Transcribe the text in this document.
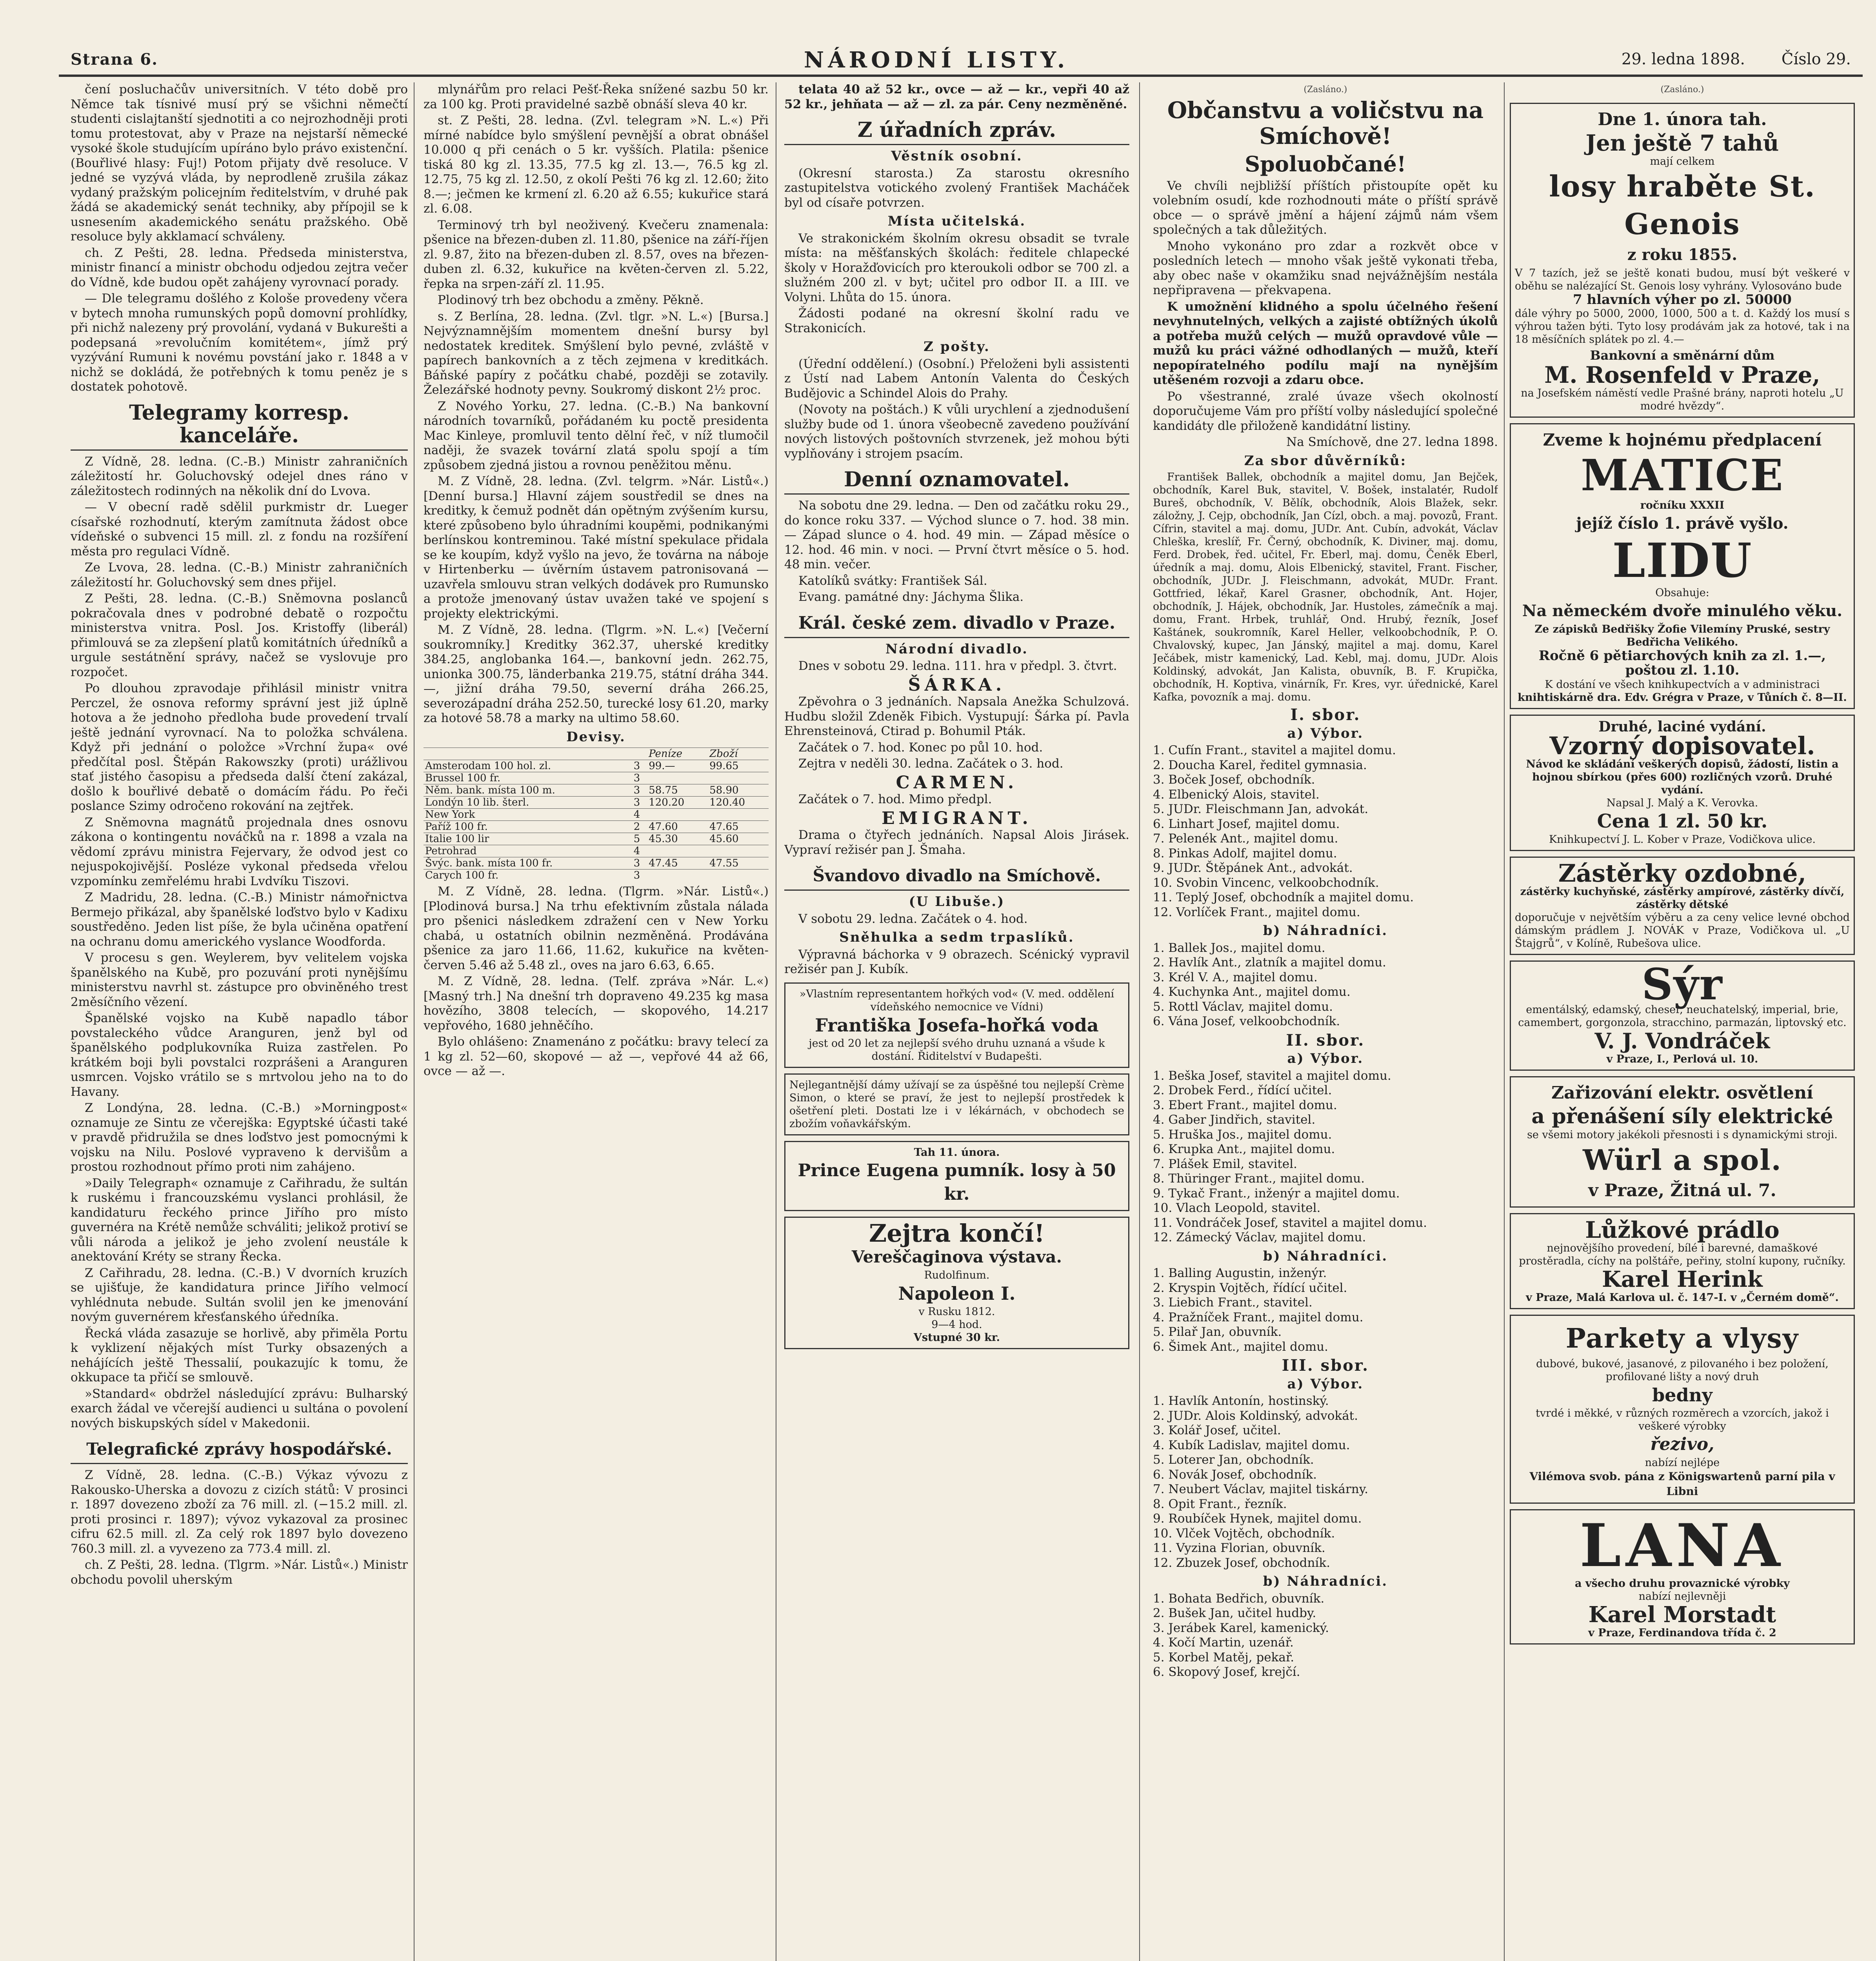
Strana 6.	NÁRODNÍ LISTY.	29. ledna 1898. Číslo 29.

čení posluchačův universitních. V této době pro Němce tak tísnivé musí prý se všichni němečtí studenti cislajtanští sjednotiti a co nejrozhodněji proti tomu protestovat, aby v Praze na nejstarší německé vysoké škole studujícím upíráno bylo právo existenční. (Bouřlivé hlasy: Fuj!) Potom přijaty dvě resoluce. V jedné se vyzývá vláda, by neprodleně zrušila zákaz vydaný pražským policejním ředitelstvím, v druhé pak žádá se akademický senát techniky, aby přípojil se k usnesením akademického senátu pražského. Obě resoluce byly akklamací schváleny.

ch. Z Pešti, 28. ledna. Předseda ministerstva, ministr financí a ministr obchodu odjedou zejtra večer do Vídně, kde budou opět zahájeny vyrovnací porady.

— Dle telegramu došlého z Kološe provedeny včera v bytech mnoha rumunských popů domovní prohlídky, při nichž nalezeny prý provolání, vydaná v Bukurešti a podepsaná »revolučním komitétem«, jímž prý vyzývání Rumuni k novému povstání jako r. 1848 a v nichž se dokládá, že potřebných k tomu peněz je s dostatek pohotově.

Telegramy korresp. kanceláře.

Z Vídně, 28. ledna. (C.-B.) Ministr zahraničních záležitostí hr. Goluchovský odejel dnes ráno v záležitostech rodinných na několik dní do Lvova.

— V obecní radě sdělil purkmistr dr. Lueger císařské rozhodnutí, kterým zamítnuta žádost obce vídeňské o subvenci 15 mill. zl. z fondu na rozšíření města pro regulaci Vídně.

Ze Lvova, 28. ledna. (C.-B.) Ministr zahraničních záležitostí hr. Goluchovský sem dnes přijel.

Z Pešti, 28. ledna. (C.-B.) Sněmovna poslanců pokračovala dnes v podrobné debatě o rozpočtu ministerstva vnitra. Posl. Jos. Kristoffy (liberál) přimlouvá se za zlepšení platů komitátních úředníků a urgule sestátnění správy, načež se vyslovuje pro rozpočet.

Po dlouhou zpravodaje přihlásil ministr vnitra Perczel, že osnova reformy správní jest již úplně hotova a že jednoho předloha bude provedení trvalí ještě jednání vyrovnací. Na to položka schválena. Když při jednání o položce »Vrchní župa« ové předčítal posl. Štěpán Rakowszky (proti) urážlivou stať jistého časopisu a předseda další čtení zakázal, došlo k bouřlivé debatě o domácím řádu. Po řeči poslance Szimy odročeno rokování na zejtřek.

Z Sněmovna magnátů projednala dnes osnovu zákona o kontingentu nováčků na r. 1898 a vzala na vědomí zprávu ministra Fejervary, že odvod jest co nejuspokojivější. Posléze vykonal předseda vřelou vzpomínku zemřelému hrabi Lvdvíku Tiszovi.

Z Madridu, 28. ledna. (C.-B.) Ministr námořnictva Bermejo přikázal, aby španělské loďstvo bylo v Kadixu soustředěno. Jeden list píše, že byla učiněna opatření na ochranu domu amerického vyslance Woodforda.

V procesu s gen. Weylerem, byv velitelem vojska španělského na Kubě, pro pozuvání proti nynějšímu ministerstvu navrhl st. zástupce pro obviněného trest 2měsíčního vězení.

Španělské vojsko na Kubě napadlo tábor povstaleckého vůdce Aranguren, jenž byl od španělského podplukovníka Ruiza zastřelen. Po krátkém boji byli povstalci rozprášeni a Aranguren usmrcen. Vojsko vrátilo se s mrtvolou jeho na to do Havany.

Z Londýna, 28. ledna. (C.-B.) »Morningpost« oznamuje ze Sintu ze včerejška: Egyptské účasti také v pravdě přidružila se dnes loďstvo jest pomocnými k vojsku na Nilu. Poslové vypraveno k dervišům a prostou rozhodnout přímo proti nim zahájeno.

»Daily Telegraph« oznamuje z Cařihradu, že sultán k ruskému i francouzskému vyslanci prohlásil, že kandidaturu řeckého prince Jiřího pro místo guvernéra na Krétě nemůže schváliti; jelikož protiví se vůli národa a jelikož je jeho zvolení neustále k anektování Kréty se strany Řecka.

Z Cařihradu, 28. ledna. (C.-B.) V dvorních kruzích se ujišťuje, že kandidatura prince Jiřího velmocí vyhlédnuta nebude. Sultán svolil jen ke jmenování novým guvernérem křesťanského úředníka.

Řecká vláda zasazuje se horlivě, aby přiměla Portu k vyklizení nějakých míst Turky obsazených a nehájících ještě Thessalií, poukazujíc k tomu, že okkupace ta přičí se smlouvě.

»Standard« obdržel následující zprávu: Bulharský exarch žádal ve včerejší audienci u sultána o povolení nových biskupských sídel v Makedonii.

Telegrafické zprávy hospodářské.

Z Vídně, 28. ledna. (C.-B.) Výkaz vývozu z Rakousko-Uherska a dovozu z cizích států: V prosinci r. 1897 dovezeno zboží za 76 mill. zl. (−15.2 mill. zl. proti prosinci r. 1897); vývoz vykazoval za prosinec cifru 62.5 mill. zl. Za celý rok 1897 bylo dovezeno 760.3 mill. zl. a vyvezeno za 773.4 mill. zl.

ch. Z Pešti, 28. ledna. (Tlgrm. »Nár. Listů«.) Ministr obchodu povolil uherským

mlynářům pro relaci Pešť-Řeka snížené sazbu 50 kr. za 100 kg. Proti pravidelné sazbě obnáší sleva 40 kr.

st. Z Pešti, 28. ledna. (Zvl. telegram »N. L.«) Při mírné nabídce bylo smýšlení pevnější a obrat obnášel 10.000 q při cenách o 5 kr. vyšších. Platila: pšenice tiská 80 kg zl. 13.35, 77.5 kg zl. 13.—, 76.5 kg zl. 12.75, 75 kg zl. 12.50, z okolí Pešti 76 kg zl. 12.60; žito 8.—; ječmen ke krmení zl. 6.20 až 6.55; kukuřice stará zl. 6.08.

Terminový trh byl neoživený. Kvečeru znamenala: pšenice na březen-duben zl. 11.80, pšenice na září-říjen zl. 9.87, žito na březen-duben zl. 8.57, oves na březen-duben zl. 6.32, kukuřice na květen-červen zl. 5.22, řepka na srpen-září zl. 11.95.

Plodinový trh bez obchodu a změny. Pěkně.

s. Z Berlína, 28. ledna. (Zvl. tlgr. »N. L.«) [Bursa.] Nejvýznamnějším momentem dnešní bursy byl nedostatek kreditek. Smýšlení bylo pevné, zvláště v papírech bankovních a z těch zejmena v kreditkách. Báňské papíry z počátku chabé, později se zotavily. Železářské hodnoty pevny. Soukromý diskont 2½ proc.

Z Nového Yorku, 27. ledna. (C.-B.) Na bankovní národních tovarníků, pořádaném ku poctě presidenta Mac Kinleye, promluvil tento dělní řeč, v níž tlumočil naději, že svazek tovární zlatá spolu spojí a tím způsobem zjedná jistou a rovnou peněžitou měnu.

M. Z Vídně, 28. ledna. (Zvl. telgrm. »Nár. Listů«.) [Denní bursa.] Hlavní zájem soustředil se dnes na kreditky, k čemuž podnět dán opětným zvýšením kursu, které způsobeno bylo úhradními koupěmi, podnikanými berlínskou kontreminou. Také místní spekulace přidala se ke koupím, když vyšlo na jevo, že továrna na náboje v Hirtenberku — úvěrním ústavem patronisovaná — uzavřela smlouvu stran velkých dodávek pro Rumunsko a protože jmenovaný ústav uvažen také ve spojení s projekty elektrickými.

M. Z Vídně, 28. ledna. (Tlgrm. »N. L.«) [Večerní soukromníky.] Kreditky 362.37, uherské kreditky 384.25, anglobanka 164.—, bankovní jedn. 262.75, unionka 300.75, länderbanka 219.75, státní dráha 344.—, jižní dráha 79.50, severní dráha 266.25, severozápadní dráha 252.50, turecké losy 61.20, marky za hotové 58.78 a marky na ultimo 58.60.

Devisy.
		Peníze	Zboží
Amsterodam 100 hol. zl.	3	99.—	99.65
Brussel 100 fr.	3		
Něm. bank. místa 100 m.	3	58.75	58.90
Londýn 10 lib. šterl.	3	120.20	120.40
New York	4		
Paříž 100 fr.	2	47.60	47.65
Italie 100 lir	5	45.30	45.60
Petrohrad	4		
Švýc. bank. místa 100 fr.	3	47.45	47.55
Carych 100 fr.	3		

M. Z Vídně, 28. ledna. (Tlgrm. »Nár. Listů«.) [Plodinová bursa.] Na trhu efektivním zůstala nálada pro pšenici následkem zdražení cen v New Yorku chabá, u ostatních obilnin nezměněná. Prodávána pšenice za jaro 11.66, 11.62, kukuřice na květen-červen 5.46 až 5.48 zl., oves na jaro 6.63, 6.65.

M. Z Vídně, 28. ledna. (Telf. zpráva »Nár. L.«) [Masný trh.] Na dnešní trh dopraveno 49.235 kg masa hovězího, 3808 telecích, — skopového, 14.217 vepřového, 1680 jehněčího.

Bylo ohlášeno: Znamenáno z počátku: bravy telecí za 1 kg zl. 52—60, skopové — až —, vepřové 44 až 66, ovce — až —.

telata 40 až 52 kr., ovce — až — kr., vepři 40 až 52 kr., jehňata — až — zl. za pár. Ceny nezměněné.

Z úřadních zpráv.
Věstník osobní.

(Okresní starosta.) Za starostu okresního zastupitelstva votického zvolený František Macháček byl od císaře potvrzen.

Místa učitelská.

Ve strakonickém školním okresu obsadit se tvrale místa: na měšťanských školách: ředitele chlapecké školy v Horažďovicích pro kteroukoli odbor se 700 zl. a služném 200 zl. v byt; učitel pro odbor II. a III. ve Volyni. Lhůta do 15. února.

Žádosti podané na okresní školní radu ve Strakonicích.

Z pošty.

(Úřední oddělení.) (Osobní.) Přeloženi byli assistenti z Ústí nad Labem Antonín Valenta do Českých Budějovic a Schindel Alois do Prahy.

(Novoty na poštách.) K vůli urychlení a zjednodušení služby bude od 1. února všeobecně zavedeno používání nových listových poštovních stvrzenek, jež mohou býti vyplňovány i strojem psacím.

Denní oznamovatel.

Na sobotu dne 29. ledna. — Den od začátku roku 29., do konce roku 337. — Východ slunce o 7. hod. 38 min. — Západ slunce o 4. hod. 49 min. — Západ měsíce o 12. hod. 46 min. v noci. — První čtvrt měsíce o 5. hod. 48 min. večer.

Katolíků svátky: František Sál.

Evang. památné dny: Jáchyma Šlika.

Král. české zem. divadlo v Praze.
Národní divadlo.

Dnes v sobotu 29. ledna. 111. hra v předpl. 3. čtvrt.

ŠÁRKA.

Zpěvohra o 3 jednáních. Napsala Anežka Schulzová. Hudbu složil Zdeněk Fibich. Vystupují: Šárka pí. Pavla Ehrensteinová, Ctirad p. Bohumil Pták.

Začátek o 7. hod. Konec po půl 10. hod.

Zejtra v neděli 30. ledna. Začátek o 3. hod.

CARMEN.

Začátek o 7. hod. Mimo předpl.

EMIGRANT.

Drama o čtyřech jednáních. Napsal Alois Jirásek. Vypraví režisér pan J. Šmaha.

Švandovo divadlo na Smíchově.
(U Libuše.)

V sobotu 29. ledna. Začátek o 4. hod.

Sněhulka a sedm trpaslíků.

Výpravná báchorka v 9 obrazech. Scénický vypravil režisér pan J. Kubík.

»Vlastním representantem hořkých vod« (V. med. oddělení vídeňského nemocnice ve Vídni)
Františka Josefa-hořká voda
jest od 20 let za nejlepší svého druhu uznaná a všude k dostání. Řiditelství v Budapešti.
Nejlegantnější dámy užívají se za úspěšné tou nejlepší Crème Simon, o které se praví, že jest to nejlepší prostředek k ošetření pleti. Dostati lze i v lékárnách, v obchodech se zbožím voňavkářským.
Tah 11. února.
Prince Eugena pumník. losy à 50 kr.
Zejtra končí!
Vereščaginova výstava.
Rudolfinum.
Napoleon I.
v Rusku 1812.
9—4 hod.
Vstupné 30 kr.
(Zasláno.)
Občanstvu a voličstvu na Smíchově!
Spoluobčané!

Ve chvíli nejbližší příštích přistoupíte opět ku volebním osudí, kde rozhodnouti máte o příští správě obce — o správě jmění a hájení zájmů nám všem společných a tak důležitých.

Mnoho vykonáno pro zdar a rozkvět obce v posledních letech — mnoho však ještě vykonati třeba, aby obec naše v okamžiku snad nejvážnějším nestála nepřipravena — překvapena.

K umožnění klidného a spolu účelného řešení nevyhnutelných, velkých a zajisté obtížných úkolů a potřeba mužů celých — mužů opravdové vůle — mužů ku práci vážné odhodlaných — mužů, kteří nepopíratelného podílu mají na nynějším utěšeném rozvoji a zdaru obce.

Po všestranné, zralé úvaze všech okolností doporučujeme Vám pro příští volby následující společné kandidáty dle přiloženě kandidátní listiny.

Na Smíchově, dne 27. ledna 1898.

Za sbor důvěrníků:

František Ballek, obchodník a majitel domu, Jan Bejček, obchodník, Karel Buk, stavitel, V. Bošek, instalatér, Rudolf Bureš, obchodník, V. Bělík, obchodník, Alois Blažek, sekr. záložny, J. Cejp, obchodník, Jan Cízl, obch. a maj. povozů, Frant. Cífrin, stavitel a maj. domu, JUDr. Ant. Cubín, advokát, Václav Chleška, kreslíř, Fr. Černý, obchodník, K. Diviner, maj. domu, Ferd. Drobek, řed. učitel, Fr. Eberl, maj. domu, Čeněk Eberl, úředník a maj. domu, Alois Elbenický, stavitel, Frant. Fischer, obchodník, JUDr. J. Fleischmann, advokát, MUDr. Frant. Gottfried, lékař, Karel Grasner, obchodník, Ant. Hojer, obchodník, J. Hájek, obchodník, Jar. Hustoles, zámečník a maj. domu, Frant. Hrbek, truhlář, Ond. Hrubý, řezník, Josef Kaštánek, soukromník, Karel Heller, velkoobchodník, P. O. Chvalovský, kupec, Jan Jánský, majitel a maj. domu, Karel Ječábek, mistr kamenický, Lad. Kebl, maj. domu, JUDr. Alois Koldinský, advokát, Jan Kalista, obuvník, B. F. Krupička, obchodník, H. Koptiva, vinárník, Fr. Kres, vyr. úřednické, Karel Kafka, povozník a maj. domu.

I. sbor.
a) Výbor.
1. Cufín Frant., stavitel a majitel domu.
2. Doucha Karel, ředitel gymnasia.
3. Boček Josef, obchodník.
4. Elbenický Alois, stavitel.
5. JUDr. Fleischmann Jan, advokát.
6. Linhart Josef, majitel domu.
7. Pelenék Ant., majitel domu.
8. Pinkas Adolf, majitel domu.
9. JUDr. Štěpánek Ant., advokát.
10. Svobin Vincenc, velkoobchodník.
11. Teplý Josef, obchodník a majitel domu.
12. Vorlíček Frant., majitel domu.
b) Náhradníci.
1. Ballek Jos., majitel domu.
2. Havlík Ant., zlatník a majitel domu.
3. Krél V. A., majitel domu.
4. Kuchynka Ant., majitel domu.
5. Rottl Václav, majitel domu.
6. Vána Josef, velkoobchodník.
II. sbor.
a) Výbor.
1. Beška Josef, stavitel a majitel domu.
2. Drobek Ferd., řídící učitel.
3. Ebert Frant., majitel domu.
4. Gaber Jindřich, stavitel.
5. Hruška Jos., majitel domu.
6. Krupka Ant., majitel domu.
7. Plášek Emil, stavitel.
8. Thüringer Frant., majitel domu.
9. Tykač Frant., inženýr a majitel domu.
10. Vlach Leopold, stavitel.
11. Vondráček Josef, stavitel a majitel domu.
12. Zámecký Václav, majitel domu.
b) Náhradníci.
1. Balling Augustin, inženýr.
2. Kryspin Vojtěch, řídící učitel.
3. Liebich Frant., stavitel.
4. Pražníček Frant., majitel domu.
5. Pilař Jan, obuvník.
6. Šimek Ant., majitel domu.
III. sbor.
a) Výbor.
1. Havlík Antonín, hostinský.
2. JUDr. Alois Koldinský, advokát.
3. Kolář Josef, učitel.
4. Kubík Ladislav, majitel domu.
5. Loterer Jan, obchodník.
6. Novák Josef, obchodník.
7. Neubert Václav, majitel tiskárny.
8. Opit Frant., řezník.
9. Roubíček Hynek, majitel domu.
10. Vlček Vojtěch, obchodník.
11. Vyzina Florian, obuvník.
12. Zbuzek Josef, obchodník.
b) Náhradníci.
1. Bohata Bedřich, obuvník.
2. Bušek Jan, učitel hudby.
3. Jerábek Karel, kamenický.
4. Kočí Martin, uzenář.
5. Korbel Matěj, pekař.
6. Skopový Josef, krejčí.
(Zasláno.)
Dne 1. února tah.
Jen ještě 7 tahů
mají celkem
losy hraběte St. Genois
z roku 1855.
V 7 tazích, jež se ještě konati budou, musí být veškeré v oběhu se nalézající St. Genois losy vyhrány. Vylosováno bude
7 hlavních výher po zl. 50000
dále výhry po 5000, 2000, 1000, 500 a t. d. Každý los musí s výhrou tažen býti. Tyto losy prodávám jak za hotové, tak i na 18 měsíčních splátek po zl. 4.—
Bankovní a směnární dům
M. Rosenfeld v Praze,
na Josefském náměstí vedle Prašné brány, naproti hotelu „U modré hvězdy“.
Zveme k hojnému předplacení
MATICE
ročníku XXXII
jejíž číslo 1. právě vyšlo.
LIDU
Obsahuje:
Na německém dvoře minulého věku.
Ze zápisků Bedřišky Žofie Vilemíny Pruské, sestry Bedřicha Velikého.
Ročně 6 pětiarchových knih za zl. 1.—, poštou zl. 1.10.
K dostání ve všech knihkupectvích a v administraci
knihtiskárně dra. Edv. Grégra v Praze, v Tůních č. 8—II.
Druhé, laciné vydání.
Vzorný dopisovatel.
Návod ke skládání veškerých dopisů, žádostí, listin a hojnou sbírkou (přes 600) rozličných vzorů. Druhé vydání.
Napsal J. Malý a K. Verovka.
Cena 1 zl. 50 kr.
Knihkupectví J. L. Kober v Praze, Vodičkova ulice.
Zástěrky ozdobné,
zástěrky kuchyňské, zástěrky ampírové, zástěrky dívčí, zástěrky dětské
doporučuje v největším výběru a za ceny velice levné obchod dámským prádlem J. NOVÁK v Praze, Vodičkova ul. „U Štajgrů“, v Kolíně, Rubešova ulice.
Sýr
ementálský, edamský, cheser, neuchatelský, imperial, brie, camembert, gorgonzola, stracchino, parmazán, liptovský etc.
V. J. Vondráček
v Praze, I., Perlová ul. 10.
Zařizování elektr. osvětlení
a přenášení síly elektrické
se všemi motory jakékoli přesnosti i s dynamickými stroji.
Würl a spol.
v Praze, Žitná ul. 7.
Lůžkové prádlo
nejnovějšího provedení, bílé i barevné, damaškové prostěradla, cíchy na polštáře, peřiny, stolní kupony, ručníky.
Karel Herink
v Praze, Malá Karlova ul. č. 147-I. v „Černém domě“.
Parkety a vlysy
dubové, bukové, jasanové, z pilovaného i bez položení, profilované lišty a nový druh
bedny
tvrdé i měkké, v různých rozměrech a vzorcích, jakož i veškeré výrobky
řezivo,
nabízí nejlépe
Vilémova svob. pána z Königswartenů parní pila v Libni
LANA
a všecho druhu provaznické výrobky
nabízí nejlevněji
Karel Morstadt
v Praze, Ferdinandova třída č. 2
